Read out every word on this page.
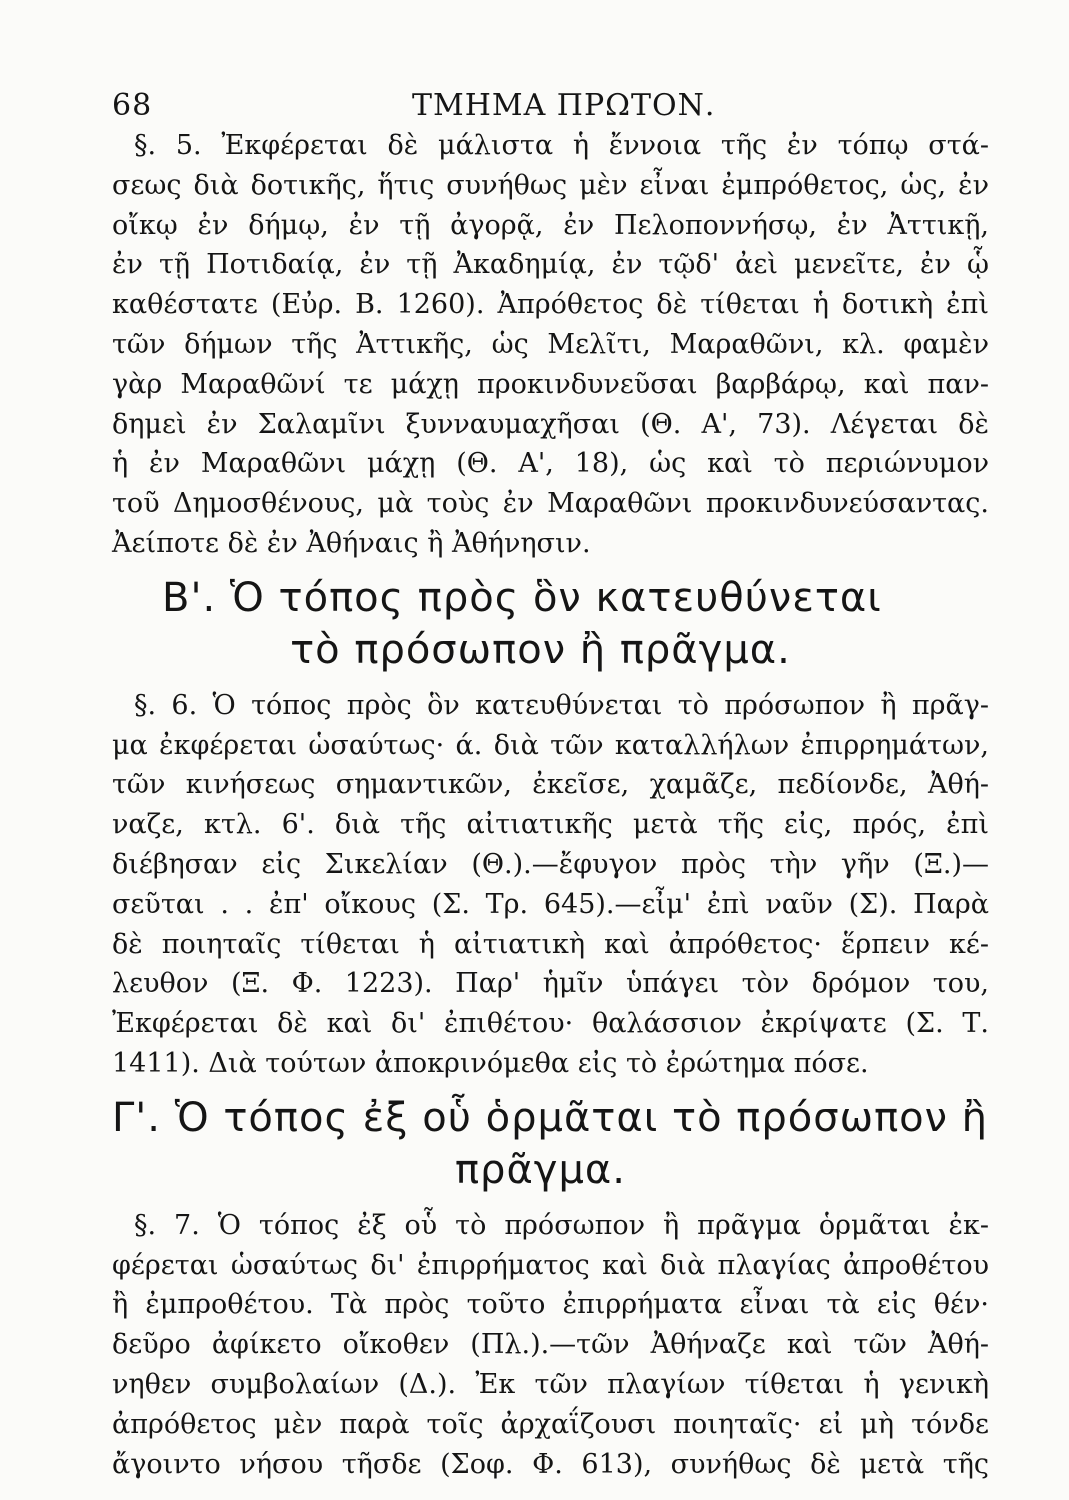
68	ΤΜΗΜΑ ΠΡΩΤΟΝ.

§. 5. Ἐκφέρεται δὲ μάλιστα ἡ ἔννοια τῆς ἐν τόπῳ στά-
σεως διὰ δοτικῆς, ἥτις συνήθως μὲν εἶναι ἐμπρόθετος, ὡς, ἐν
οἴκῳ ἐν δήμῳ, ἐν τῇ ἀγορᾷ, ἐν Πελοποννήσῳ, ἐν Ἀττικῇ,
ἐν τῇ Ποτιδαίᾳ, ἐν τῇ Ἀκαδημίᾳ, ἐν τῷδ' ἀεὶ μενεῖτε, ἐν ᾧ
καθέστατε (Εὐρ. Β. 1260). Ἀπρόθετος δὲ τίθεται ἡ δοτικὴ ἐπὶ
τῶν δήμων τῆς Ἀττικῆς, ὡς Μελῖτι, Μαραθῶνι, κλ. φαμὲν
γὰρ Μαραθῶνί τε μάχῃ προκινδυνεῦσαι βαρβάρῳ, καὶ παν-
δημεὶ ἐν Σαλαμῖνι ξυνναυμαχῆσαι (Θ. Α', 73). Λέγεται δὲ
ἡ ἐν Μαραθῶνι μάχῃ (Θ. Α', 18), ὡς καὶ τὸ περιώνυμον
τοῦ Δημοσθένους, μὰ τοὺς ἐν Μαραθῶνι προκινδυνεύσαντας.
Ἀείποτε δὲ ἐν Ἀθήναις ἢ Ἀθήνησιν.

Β'. Ὁ τόπος πρὸς ὃν κατευθύνεται
τὸ πρόσωπον ἢ πρᾶγμα.

§. 6. Ὁ τόπος πρὸς ὃν κατευθύνεται τὸ πρόσωπον ἢ πρᾶγ-
μα ἐκφέρεται ὡσαύτως· ά. διὰ τῶν καταλλήλων ἐπιρρημάτων,
τῶν κινήσεως σημαντικῶν, ἐκεῖσε, χαμᾶζε, πεδίονδε, Ἀθή-
ναζε, κτλ. 6'. διὰ τῆς αἰτιατικῆς μετὰ τῆς εἰς, πρός, ἐπὶ
διέβησαν εἰς Σικελίαν (Θ.).—ἔφυγον πρὸς τὴν γῆν (Ξ.)—
σεῦται . . ἐπ' οἴκους (Σ. Τρ. 645).—εἶμ' ἐπὶ ναῦν (Σ). Παρὰ
δὲ ποιηταῖς τίθεται ἡ αἰτιατικὴ καὶ ἀπρόθετος· ἕρπειν κέ-
λευθον (Ξ. Φ. 1223). Παρ' ἡμῖν ὑπάγει τὸν δρόμον του,
Ἐκφέρεται δὲ καὶ δι' ἐπιθέτου· θαλάσσιον ἐκρίψατε (Σ. Τ.
1411). Διὰ τούτων ἀποκρινόμεθα εἰς τὸ ἐρώτημα πόσε.

Γ'. Ὁ τόπος ἐξ οὗ ὁρμᾶται τὸ πρόσωπον ἢ
πρᾶγμα.

§. 7. Ὁ τόπος ἐξ οὗ τὸ πρόσωπον ἢ πρᾶγμα ὁρμᾶται ἐκ-
φέρεται ὡσαύτως δι' ἐπιρρήματος καὶ διὰ πλαγίας ἀπροθέτου
ἢ ἐμπροθέτου. Τὰ πρὸς τοῦτο ἐπιρρήματα εἶναι τὰ εἰς θέν·
δεῦρο ἀφίκετο οἴκοθεν (Πλ.).—τῶν Ἀθήναζε καὶ τῶν Ἀθή-
νηθεν συμβολαίων (Δ.). Ἐκ τῶν πλαγίων τίθεται ἡ γενικὴ
ἀπρόθετος μὲν παρὰ τοῖς ἀρχαΐζουσι ποιηταῖς· εἰ μὴ τόνδε
ἄγοιντο νήσου τῆσδε (Σοφ. Φ. 613), συνήθως δὲ μετὰ τῆς
